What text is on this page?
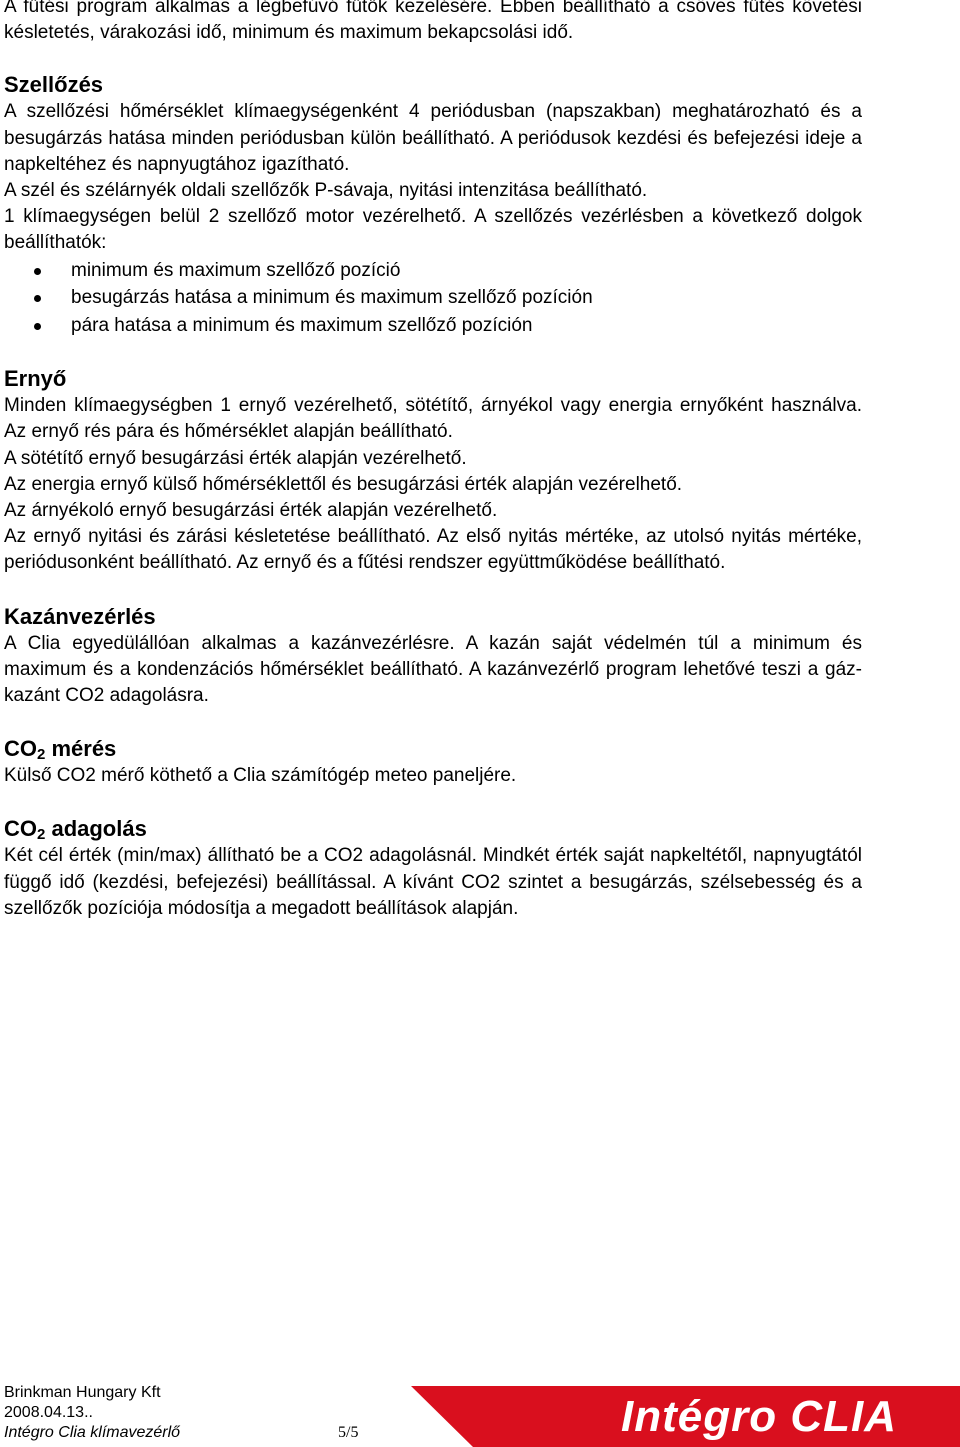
A fűtési program alkalmas a légbefúvó fűtők kezelésére. Ebben beállítható a csöves fűtés követési késletetés, várakozási idő, minimum és maximum bekapcsolási idő.

Szellőzés

A szellőzési hőmérséklet klímaegységenként 4 periódusban (napszakban) meghatározható és a besugárzás hatása minden periódusban külön beállítható. A periódusok kezdési és befejezési ideje a napkeltéhez és napnyugtához igazítható.

A szél és szélárnyék oldali szellőzők P-sávaja, nyitási intenzitása beállítható.

1 klímaegységen belül 2 szellőző motor vezérelhető. A szellőzés vezérlésben a következő dolgok beállíthatók:

minimum és maximum szellőző pozíció
besugárzás hatása a minimum és maximum szellőző pozíción
pára hatása a minimum és maximum szellőző pozíción
Ernyő

Minden klímaegységben 1 ernyő vezérelhető, sötétítő, árnyékol vagy energia ernyőként használva. Az ernyő rés pára és hőmérséklet alapján beállítható.

A sötétítő ernyő besugárzási érték alapján vezérelhető.

Az energia ernyő külső hőmérséklettől és besugárzási érték alapján vezérelhető.

Az árnyékoló ernyő besugárzási érték alapján vezérelhető.

Az ernyő nyitási és zárási késletetése beállítható. Az első nyitás mértéke, az utolsó nyitás mértéke, periódusonként beállítható. Az ernyő és a fűtési rendszer együttműködése beállítható.

Kazánvezérlés

A Clia egyedülállóan alkalmas a kazánvezérlésre. A kazán saját védelmén túl a minimum és maximum és a kondenzációs hőmérséklet beállítható. A kazánvezérlő program lehetővé teszi a gáz-kazánt CO2 adagolásra.

$CO_2$ mérés

Külső CO2 mérő köthető a Clia számítógép meteo paneljére.

$CO_2$ adagolás

Két cél érték (min/max) állítható be a CO2 adagolásnál. Mindkét érték saját napkeltétől, napnyugtától függő idő (kezdési, befejezési) beállítással. A kívánt CO2 szintet a besugárzás, szélsebesség és a szellőzők pozíciója módosítja a megadott beállítások alapján.

Brinkman Hungary Kft
2008.04.13..
Intégro Clia klímavezérlő	5/5	Intégro CLIA
